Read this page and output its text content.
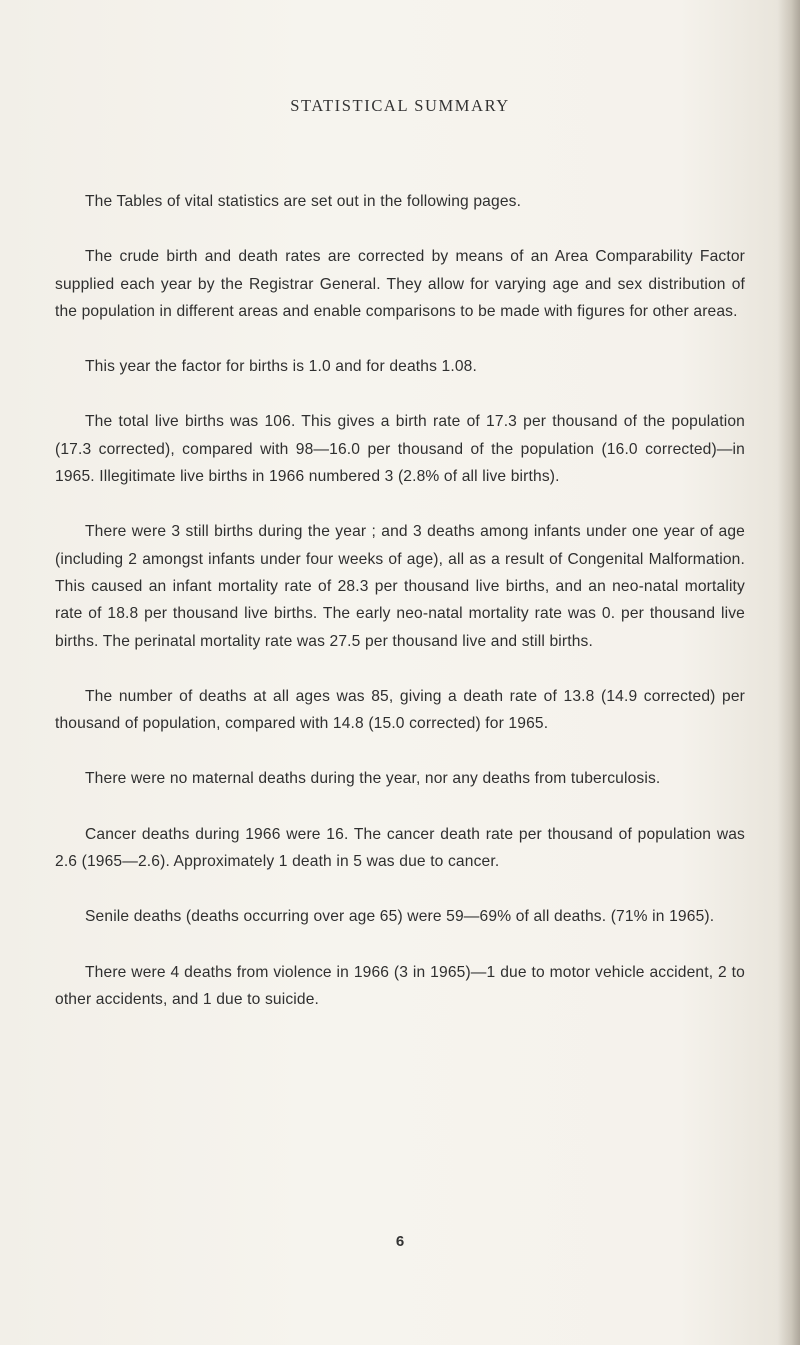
STATISTICAL SUMMARY

The Tables of vital statistics are set out in the following pages.

The crude birth and death rates are corrected by means of an Area Comparability Factor supplied each year by the Registrar General. They allow for varying age and sex distribution of the population in different areas and enable comparisons to be made with figures for other areas.

This year the factor for births is 1.0 and for deaths 1.08.

The total live births was 106. This gives a birth rate of 17.3 per thousand of the population (17.3 corrected), compared with 98—16.0 per thousand of the population (16.0 corrected)—in 1965. Illegitimate live births in 1966 numbered 3 (2.8% of all live births).

There were 3 still births during the year ; and 3 deaths among infants under one year of age (including 2 amongst infants under four weeks of age), all as a result of Congenital Malformation. This caused an infant mortality rate of 28.3 per thousand live births, and an neo-natal mortality rate of 18.8 per thousand live births. The early neo-natal mortality rate was 0. per thousand live births. The perinatal mortality rate was 27.5 per thousand live and still births.

The number of deaths at all ages was 85, giving a death rate of 13.8 (14.9 corrected) per thousand of population, compared with 14.8 (15.0 corrected) for 1965.

There were no maternal deaths during the year, nor any deaths from tuberculosis.

Cancer deaths during 1966 were 16. The cancer death rate per thousand of population was 2.6 (1965—2.6). Approximately 1 death in 5 was due to cancer.

Senile deaths (deaths occurring over age 65) were 59—69% of all deaths. (71% in 1965).

There were 4 deaths from violence in 1966 (3 in 1965)—1 due to motor vehicle accident, 2 to other accidents, and 1 due to suicide.

6
